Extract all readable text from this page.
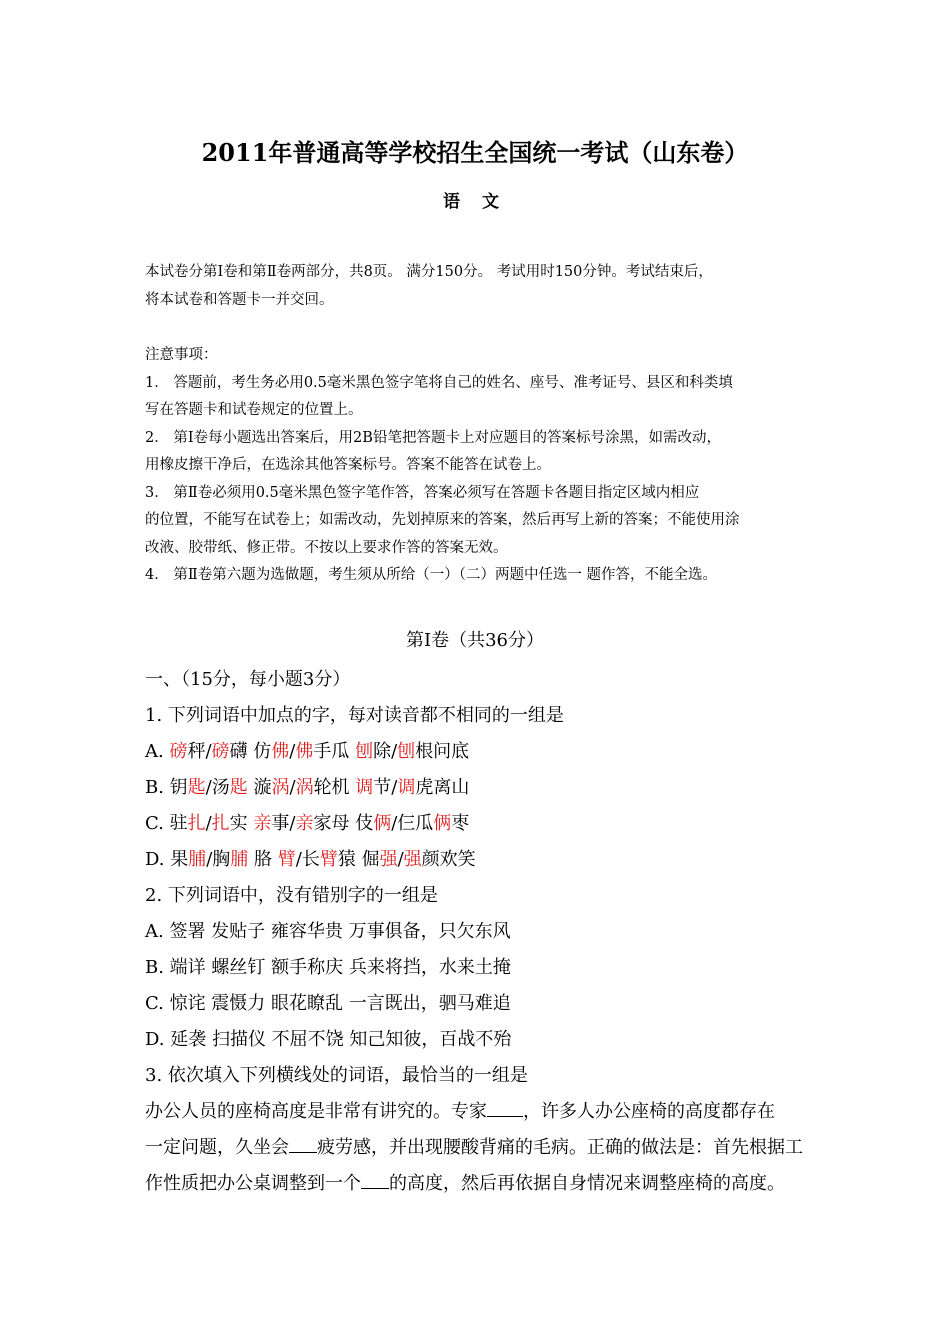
2011年普通高等学校招生全国统一考试（山东卷）
语 文

本试卷分第Ⅰ卷和第Ⅱ卷两部分，共8页。 满分150分。 考试用时150分钟。考试结束后，

将本试卷和答题卡一并交回。

注意事项：

1． 答题前，考生务必用0.5毫米黑色签字笔将自己的姓名、座号、准考证号、县区和科类填

写在答题卡和试卷规定的位置上。

2． 第Ⅰ卷每小题选出答案后，用2B铅笔把答题卡上对应题目的答案标号涂黑，如需改动，

用橡皮擦干净后，在选涂其他答案标号。答案不能答在试卷上。

3． 第Ⅱ卷必须用0.5毫米黑色签字笔作答，答案必须写在答题卡各题目指定区域内相应

的位置，不能写在试卷上；如需改动，先划掉原来的答案，然后再写上新的答案；不能使用涂

改液、胶带纸、修正带。不按以上要求作答的答案无效。

4． 第Ⅱ卷第六题为选做题，考生须从所给（一）（二）两题中任选一 题作答，不能全选。

第Ⅰ卷（共36分）

一、（15分，每小题3分）

1. 下列词语中加点的字，每对读音都不相同的一组是

A. 磅秤/磅礴 仿佛/佛手瓜 刨除/刨根问底

B. 钥匙/汤匙 漩涡/涡轮机 调节/调虎离山

C. 驻扎/扎实 亲事/亲家母 伎俩/仨瓜俩枣

D. 果脯/胸脯 胳 臂/长臂猿 倔强/强颜欢笑

2. 下列词语中，没有错别字的一组是

A. 签署 发贴子 雍容华贵 万事俱备，只欠东风

B. 端详 螺丝钉 额手称庆 兵来将挡，水来土掩

C. 惊诧 震慑力 眼花瞭乱 一言既出，驷马难追

D. 延袭 扫描仪 不屈不饶 知己知彼，百战不殆

3. 依次填入下列横线处的词语，最恰当的一组是

办公人员的座椅高度是非常有讲究的。专家 ，许多人办公座椅的高度都存在

一定问题，久坐会 疲劳感，并出现腰酸背痛的毛病。正确的做法是：首先根据工

作性质把办公桌调整到一个 的高度，然后再依据自身情况来调整座椅的高度。
